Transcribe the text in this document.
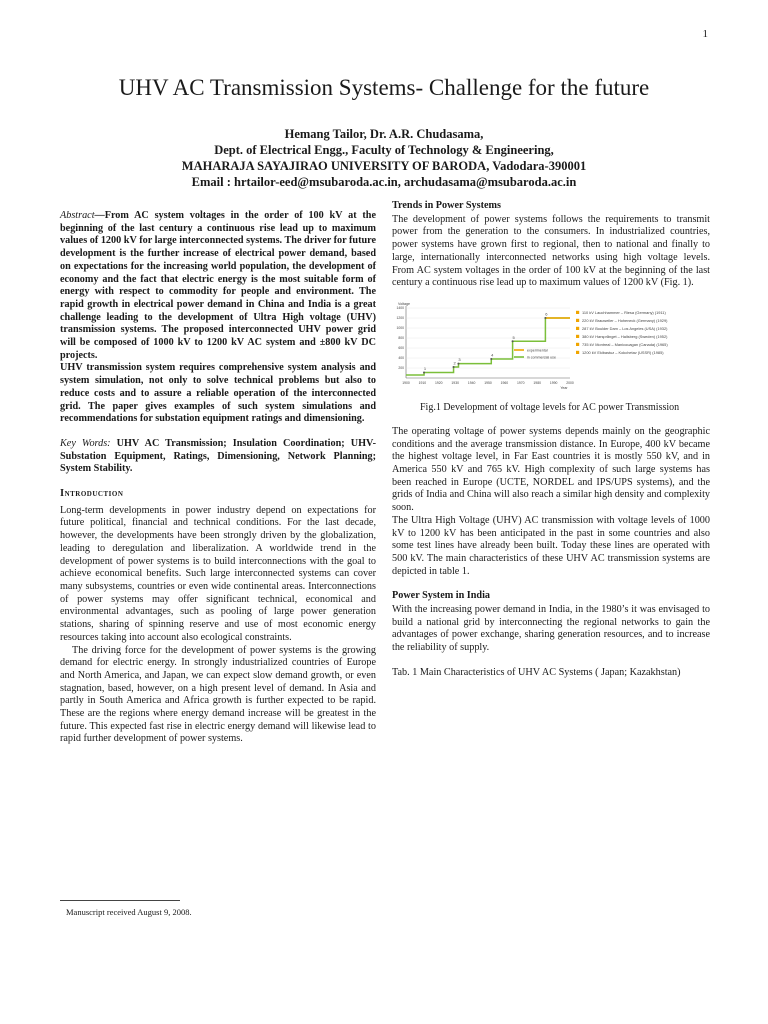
1
UHV AC Transmission Systems- Challenge for the future
Hemang Tailor, Dr. A.R. Chudasama,
Dept. of Electrical Engg., Faculty of Technology & Engineering,
MAHARAJA SAYAJIRAO UNIVERSITY OF BARODA, Vadodara-390001
Email : hrtailor-eed@msubaroda.ac.in, archudasama@msubaroda.ac.in

Abstract—From AC system voltages in the order of 100 kV at the beginning of the last century a continuous rise lead up to maximum values of 1200 kV for large interconnected systems. The driver for future development is the further increase of electrical power demand, based on expectations for the increasing world population, the development of economy and the fact that electric energy is the most suitable form of energy with respect to commodity for people and environment. The rapid growth in electrical power demand in China and India is a great challenge leading to the development of Ultra High voltage (UHV) transmission systems. The proposed interconnected UHV power grid will be composed of 1000 kV to 1200 kV AC system and ±800 kV DC projects.

UHV transmission system requires comprehensive system analysis and system simulation, not only to solve technical problems but also to reduce costs and to assure a reliable operation of the interconnected grid. The paper gives examples of such system simulations and recommendations for substation equipment ratings and dimensioning.

Key Words: UHV AC Transmission; Insulation Coordination; UHV-Substation Equipment, Ratings, Dimensioning, Network Planning; System Stability.

Introduction

Long-term developments in power industry depend on expectations for future political, financial and technical conditions. For the last decade, however, the developments have been strongly driven by the globalization, leading to deregulation and liberalization. A worldwide trend in the development of power systems is to build interconnections with the goal to achieve economical benefits. Such large interconnected systems can cover many subsystems, countries or even wide continental areas. Interconnections of power systems may offer significant technical, economical and environmental advantages, such as pooling of large power generation stations, sharing of spinning reserve and use of most economic energy resources taking into account also ecological constraints.

The driving force for the development of power systems is the growing demand for electric energy. In strongly industrialized countries of Europe and North America, and Japan, we can expect slow demand growth, or even stagnation, based, however, on a high present level of demand. In Asia and partly in South America and Africa growth is further expected to be rapid. These are the regions where energy demand increase will be greatest in the future. This expected fast rise in electric energy demand will likewise lead to rapid further development of power systems.

Manuscript received August 9, 2008.
Trends in Power Systems

The development of power systems follows the requirements to transmit power from the generation to the consumers. In industrialized countries, power systems have grown first to regional, then to national and finally to large, internationally interconnected networks using high voltage levels. From AC system voltages in the order of 100 kV at the beginning of the last century a continuous rise lead up to maximum values of 1200 kV (Fig. 1).

Voltage
Year
1400
1200
1000
800
600
400
200
1900	1910	1920	1930	1940	1950	1960	1970	1980	1990	2000
1
2
3
4
5
6
experimental
in commercial use
110 kV Lauchhammer – Riesa (Germany) (1911)
220 kV Brauweiler – Hoheneck (Germany) (1929)
287 kV Boulder Dam – Los Angeles (USA) (1932)
380 kV Harsprånget – Hallsberg (Sweden) (1952)
735 kV Montreal – Manicouagan (Canada) (1965)
1200 kV Ekibastuz – Kokchetav (USSR) (1985)
Fig.1 Development of voltage levels for AC power Transmission

The operating voltage of power systems depends mainly on the geographic conditions and the average transmission distance. In Europe, 400 kV became the highest voltage level, in Far East countries it is mostly 550 kV, and in America 550 kV and 765 kV. High complexity of such large systems has been reached in Europe (UCTE, NORDEL and IPS/UPS systems), and the grids of India and China will also reach a similar high density and complexity soon.

The Ultra High Voltage (UHV) AC transmission with voltage levels of 1000 kV to 1200 kV has been anticipated in the past in some countries and also some test lines have already been built. Today these lines are operated with 500 kV. The main characteristics of these UHV AC transmission systems are depicted in table 1.

Power System in India

With the increasing power demand in India, in the 1980’s it was envisaged to build a national grid by interconnecting the regional networks to gain the advantages of power exchange, sharing generation resources, and to increase the reliability of supply.

Tab. 1 Main Characteristics of UHV AC Systems ( Japan; Kazakhstan)
